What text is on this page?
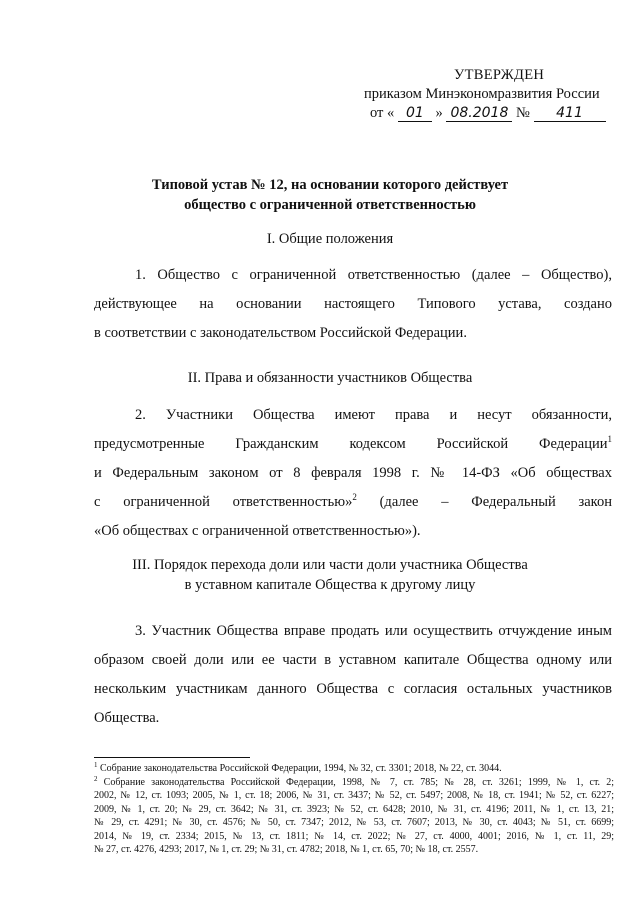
УТВЕРЖДЕН
приказом Минэкономразвития России
от « 01 » 08.2018 № 411
Типовой устав № 12, на основании которого действует
общество с ограниченной ответственностью
I. Общие положения
1. Общество с ограниченной ответственностью (далее – Общество),
действующее на основании настоящего Типового устава, создано
в соответствии с законодательством Российской Федерации.
II. Права и обязанности участников Общества
2. Участники Общества имеют права и несут обязанности,
предусмотренные Гражданским кодексом Российской Федерации$^1$
и Федеральным законом от 8 февраля 1998 г. № 14-ФЗ «Об обществах
с ограниченной ответственностью»$^2$ (далее – Федеральный закон
«Об обществах с ограниченной ответственностью»).
III. Порядок перехода доли или части доли участника Общества
в уставном капитале Общества к другому лицу
3. Участник Общества вправе продать или осуществить отчуждение иным
образом своей доли или ее части в уставном капитале Общества одному или
нескольким участникам данного Общества с согласия остальных участников
Общества.
$^1$ Собрание законодательства Российской Федерации, 1994, № 32, ст. 3301; 2018, № 22, ст. 3044.
$^2$ Собрание законодательства Российской Федерации, 1998, № 7, ст. 785; № 28, ст. 3261; 1999, № 1, ст. 2;
2002, № 12, ст. 1093; 2005, № 1, ст. 18; 2006, № 31, ст. 3437; № 52, ст. 5497; 2008, № 18, ст. 1941; № 52, ст. 6227;
2009, № 1, ст. 20; № 29, ст. 3642; № 31, ст. 3923; № 52, ст. 6428; 2010, № 31, ст. 4196; 2011, № 1, ст. 13, 21;
№ 29, ст. 4291; № 30, ст. 4576; № 50, ст. 7347; 2012, № 53, ст. 7607; 2013, № 30, ст. 4043; № 51, ст. 6699;
2014, № 19, ст. 2334; 2015, № 13, ст. 1811; № 14, ст. 2022; № 27, ст. 4000, 4001; 2016, № 1, ст. 11, 29;
№ 27, ст. 4276, 4293; 2017, № 1, ст. 29; № 31, ст. 4782; 2018, № 1, ст. 65, 70; № 18, ст. 2557.
